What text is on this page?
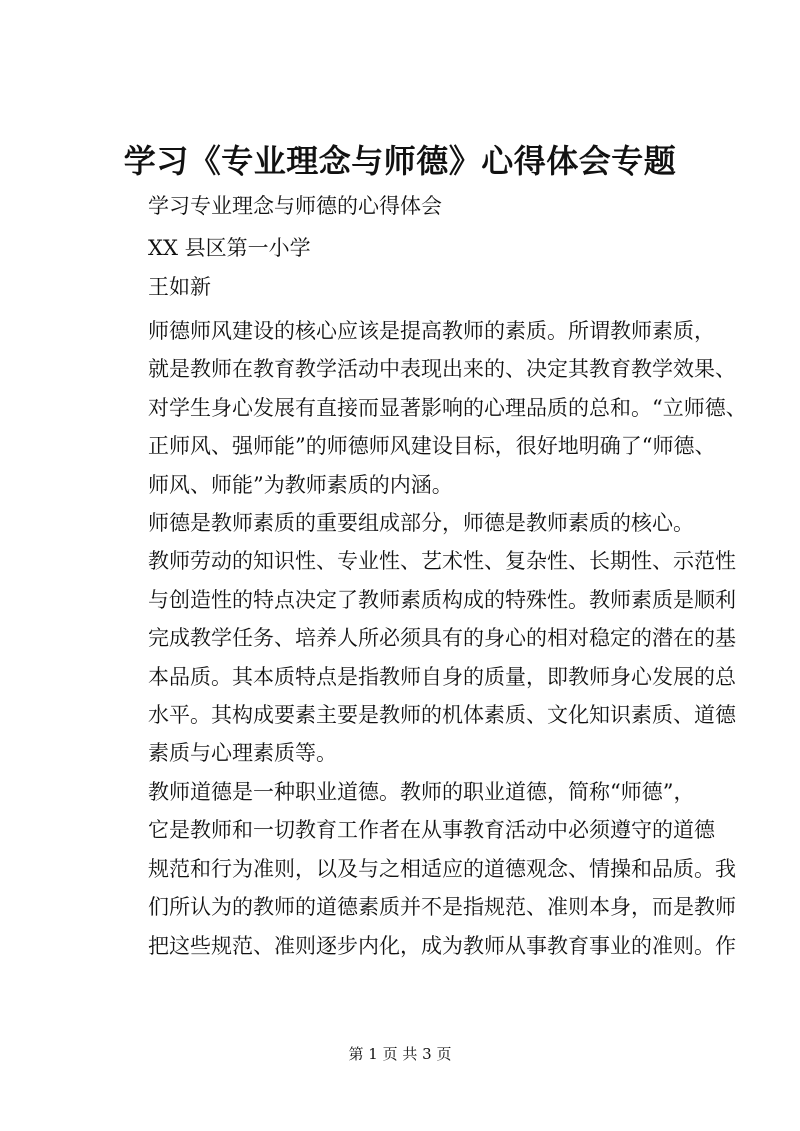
学习《专业理念与师德》心得体会专题
学习专业理念与师德的心得体会
XX 县区第一小学
王如新

师德师风建设的核心应该是提高教师的素质。所谓教师素质，
就是教师在教育教学活动中表现出来的、决定其教育教学效果、
对学生身心发展有直接而显著影响的心理品质的总和。“立师德、
正师风、强师能”的师德师风建设目标，很好地明确了“师德、
师风、师能”为教师素质的内涵。

师德是教师素质的重要组成部分，师德是教师素质的核心。
教师劳动的知识性、专业性、艺术性、复杂性、长期性、示范性
与创造性的特点决定了教师素质构成的特殊性。教师素质是顺利
完成教学任务、培养人所必须具有的身心的相对稳定的潜在的基
本品质。其本质特点是指教师自身的质量，即教师身心发展的总
水平。其构成要素主要是教师的机体素质、文化知识素质、道德
素质与心理素质等。

教师道德是一种职业道德。教师的职业道德，简称“师德”，
它是教师和一切教育工作者在从事教育活动中必须遵守的道德
规范和行为准则，以及与之相适应的道德观念、情操和品质。我
们所认为的教师的道德素质并不是指规范、准则本身，而是教师
把这些规范、准则逐步内化，成为教师从事教育事业的准则。作

第 1 页 共 3 页
